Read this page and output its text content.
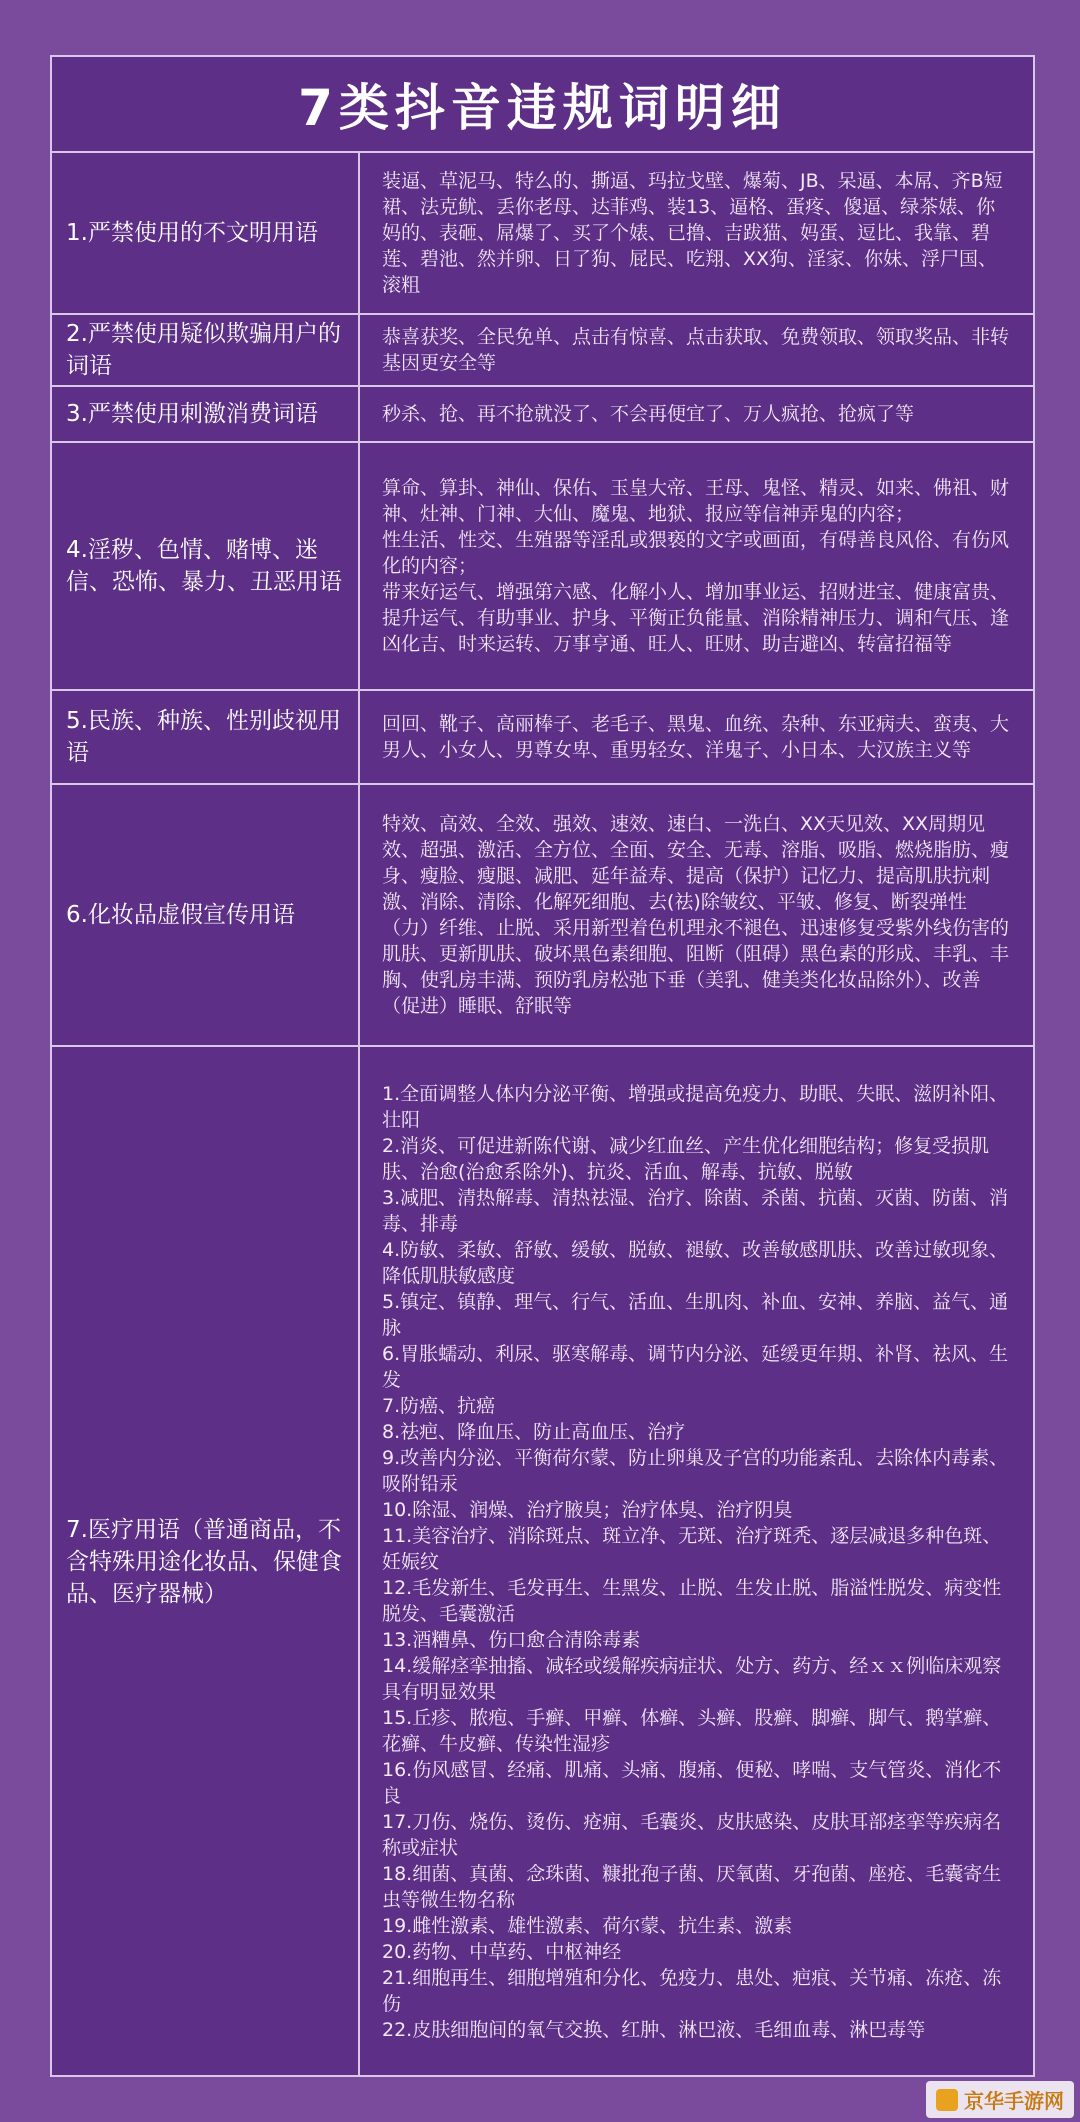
7类抖音违规词明细
1.严禁使用的不文明用语
装逼、草泥马、特么的、撕逼、玛拉戈壁、爆菊、JB、呆逼、本屌、齐B短裙、法克鱿、丢你老母、达菲鸡、装13、逼格、蛋疼、傻逼、绿茶婊、你妈的、表砸、屌爆了、买了个婊、已撸、吉跋猫、妈蛋、逗比、我靠、碧莲、碧池、然并卵、日了狗、屁民、吃翔、XX狗、淫家、你妹、浮尸国、滚粗
2.严禁使用疑似欺骗用户的词语
恭喜获奖、全民免单、点击有惊喜、点击获取、免费领取、领取奖品、非转基因更安全等
3.严禁使用刺激消费词语	秒杀、抢、再不抢就没了、不会再便宜了、万人疯抢、抢疯了等
4.淫秽、色情、赌博、迷信、恐怖、暴力、丑恶用语
算命、算卦、神仙、保佑、玉皇大帝、王母、鬼怪、精灵、如来、佛祖、财神、灶神、门神、大仙、魔鬼、地狱、报应等信神弄鬼的内容；
性生活、性交、生殖器等淫乱或猥亵的文字或画面，有碍善良风俗、有伤风化的内容；
带来好运气、增强第六感、化解小人、增加事业运、招财进宝、健康富贵、提升运气、有助事业、护身、平衡正负能量、消除精神压力、调和气压、逢凶化吉、时来运转、万事亨通、旺人、旺财、助吉避凶、转富招福等
5.民族、种族、性别歧视用语
回回、靴子、高丽棒子、老毛子、黑鬼、血统、杂种、东亚病夫、蛮夷、大男人、小女人、男尊女卑、重男轻女、洋鬼子、小日本、大汉族主义等
6.化妆品虚假宣传用语
特效、高效、全效、强效、速效、速白、一洗白、XX天见效、XX周期见效、超强、激活、全方位、全面、安全、无毒、溶脂、吸脂、燃烧脂肪、瘦身、瘦脸、瘦腿、减肥、延年益寿、提高（保护）记忆力、提高肌肤抗刺激、消除、清除、化解死细胞、去(祛)除皱纹、平皱、修复、断裂弹性（力）纤维、止脱、采用新型着色机理永不褪色、迅速修复受紫外线伤害的肌肤、更新肌肤、破坏黑色素细胞、阻断（阻碍）黑色素的形成、丰乳、丰胸、使乳房丰满、预防乳房松弛下垂（美乳、健美类化妆品除外）、改善（促进）睡眠、舒眠等
7.医疗用语（普通商品，不含特殊用途化妆品、保健食品、医疗器械）
1.全面调整人体内分泌平衡、增强或提高免疫力、助眠、失眠、滋阴补阳、壮阳
2.消炎、可促进新陈代谢、减少红血丝、产生优化细胞结构；修复受损肌肤、治愈(治愈系除外)、抗炎、活血、解毒、抗敏、脱敏
3.减肥、清热解毒、清热祛湿、治疗、除菌、杀菌、抗菌、灭菌、防菌、消毒、排毒
4.防敏、柔敏、舒敏、缓敏、脱敏、褪敏、改善敏感肌肤、改善过敏现象、降低肌肤敏感度
5.镇定、镇静、理气、行气、活血、生肌肉、补血、安神、养脑、益气、通脉
6.胃胀蠕动、利尿、驱寒解毒、调节内分泌、延缓更年期、补肾、祛风、生发
7.防癌、抗癌
8.祛疤、降血压、防止高血压、治疗
9.改善内分泌、平衡荷尔蒙、防止卵巢及子宫的功能紊乱、去除体内毒素、吸附铅汞
10.除湿、润燥、治疗腋臭；治疗体臭、治疗阴臭
11.美容治疗、消除斑点、斑立净、无斑、治疗斑秃、逐层减退多种色斑、妊娠纹
12.毛发新生、毛发再生、生黑发、止脱、生发止脱、脂溢性脱发、病变性脱发、毛囊激活
13.酒糟鼻、伤口愈合清除毒素
14.缓解痉挛抽搐、减轻或缓解疾病症状、处方、药方、经ｘｘ例临床观察具有明显效果
15.丘疹、脓疱、手癣、甲癣、体癣、头癣、股癣、脚癣、脚气、鹅掌癣、花癣、牛皮癣、传染性湿疹
16.伤风感冒、经痛、肌痛、头痛、腹痛、便秘、哮喘、支气管炎、消化不良
17.刀伤、烧伤、烫伤、疮痈、毛囊炎、皮肤感染、皮肤耳部痉挛等疾病名称或症状
18.细菌、真菌、念珠菌、糠批孢子菌、厌氧菌、牙孢菌、座疮、毛囊寄生虫等微生物名称
19.雌性激素、雄性激素、荷尔蒙、抗生素、激素
20.药物、中草药、中枢神经
21.细胞再生、细胞增殖和分化、免疫力、患处、疤痕、关节痛、冻疮、冻伤
22.皮肤细胞间的氧气交换、红肿、淋巴液、毛细血毒、淋巴毒等
京华手游网
